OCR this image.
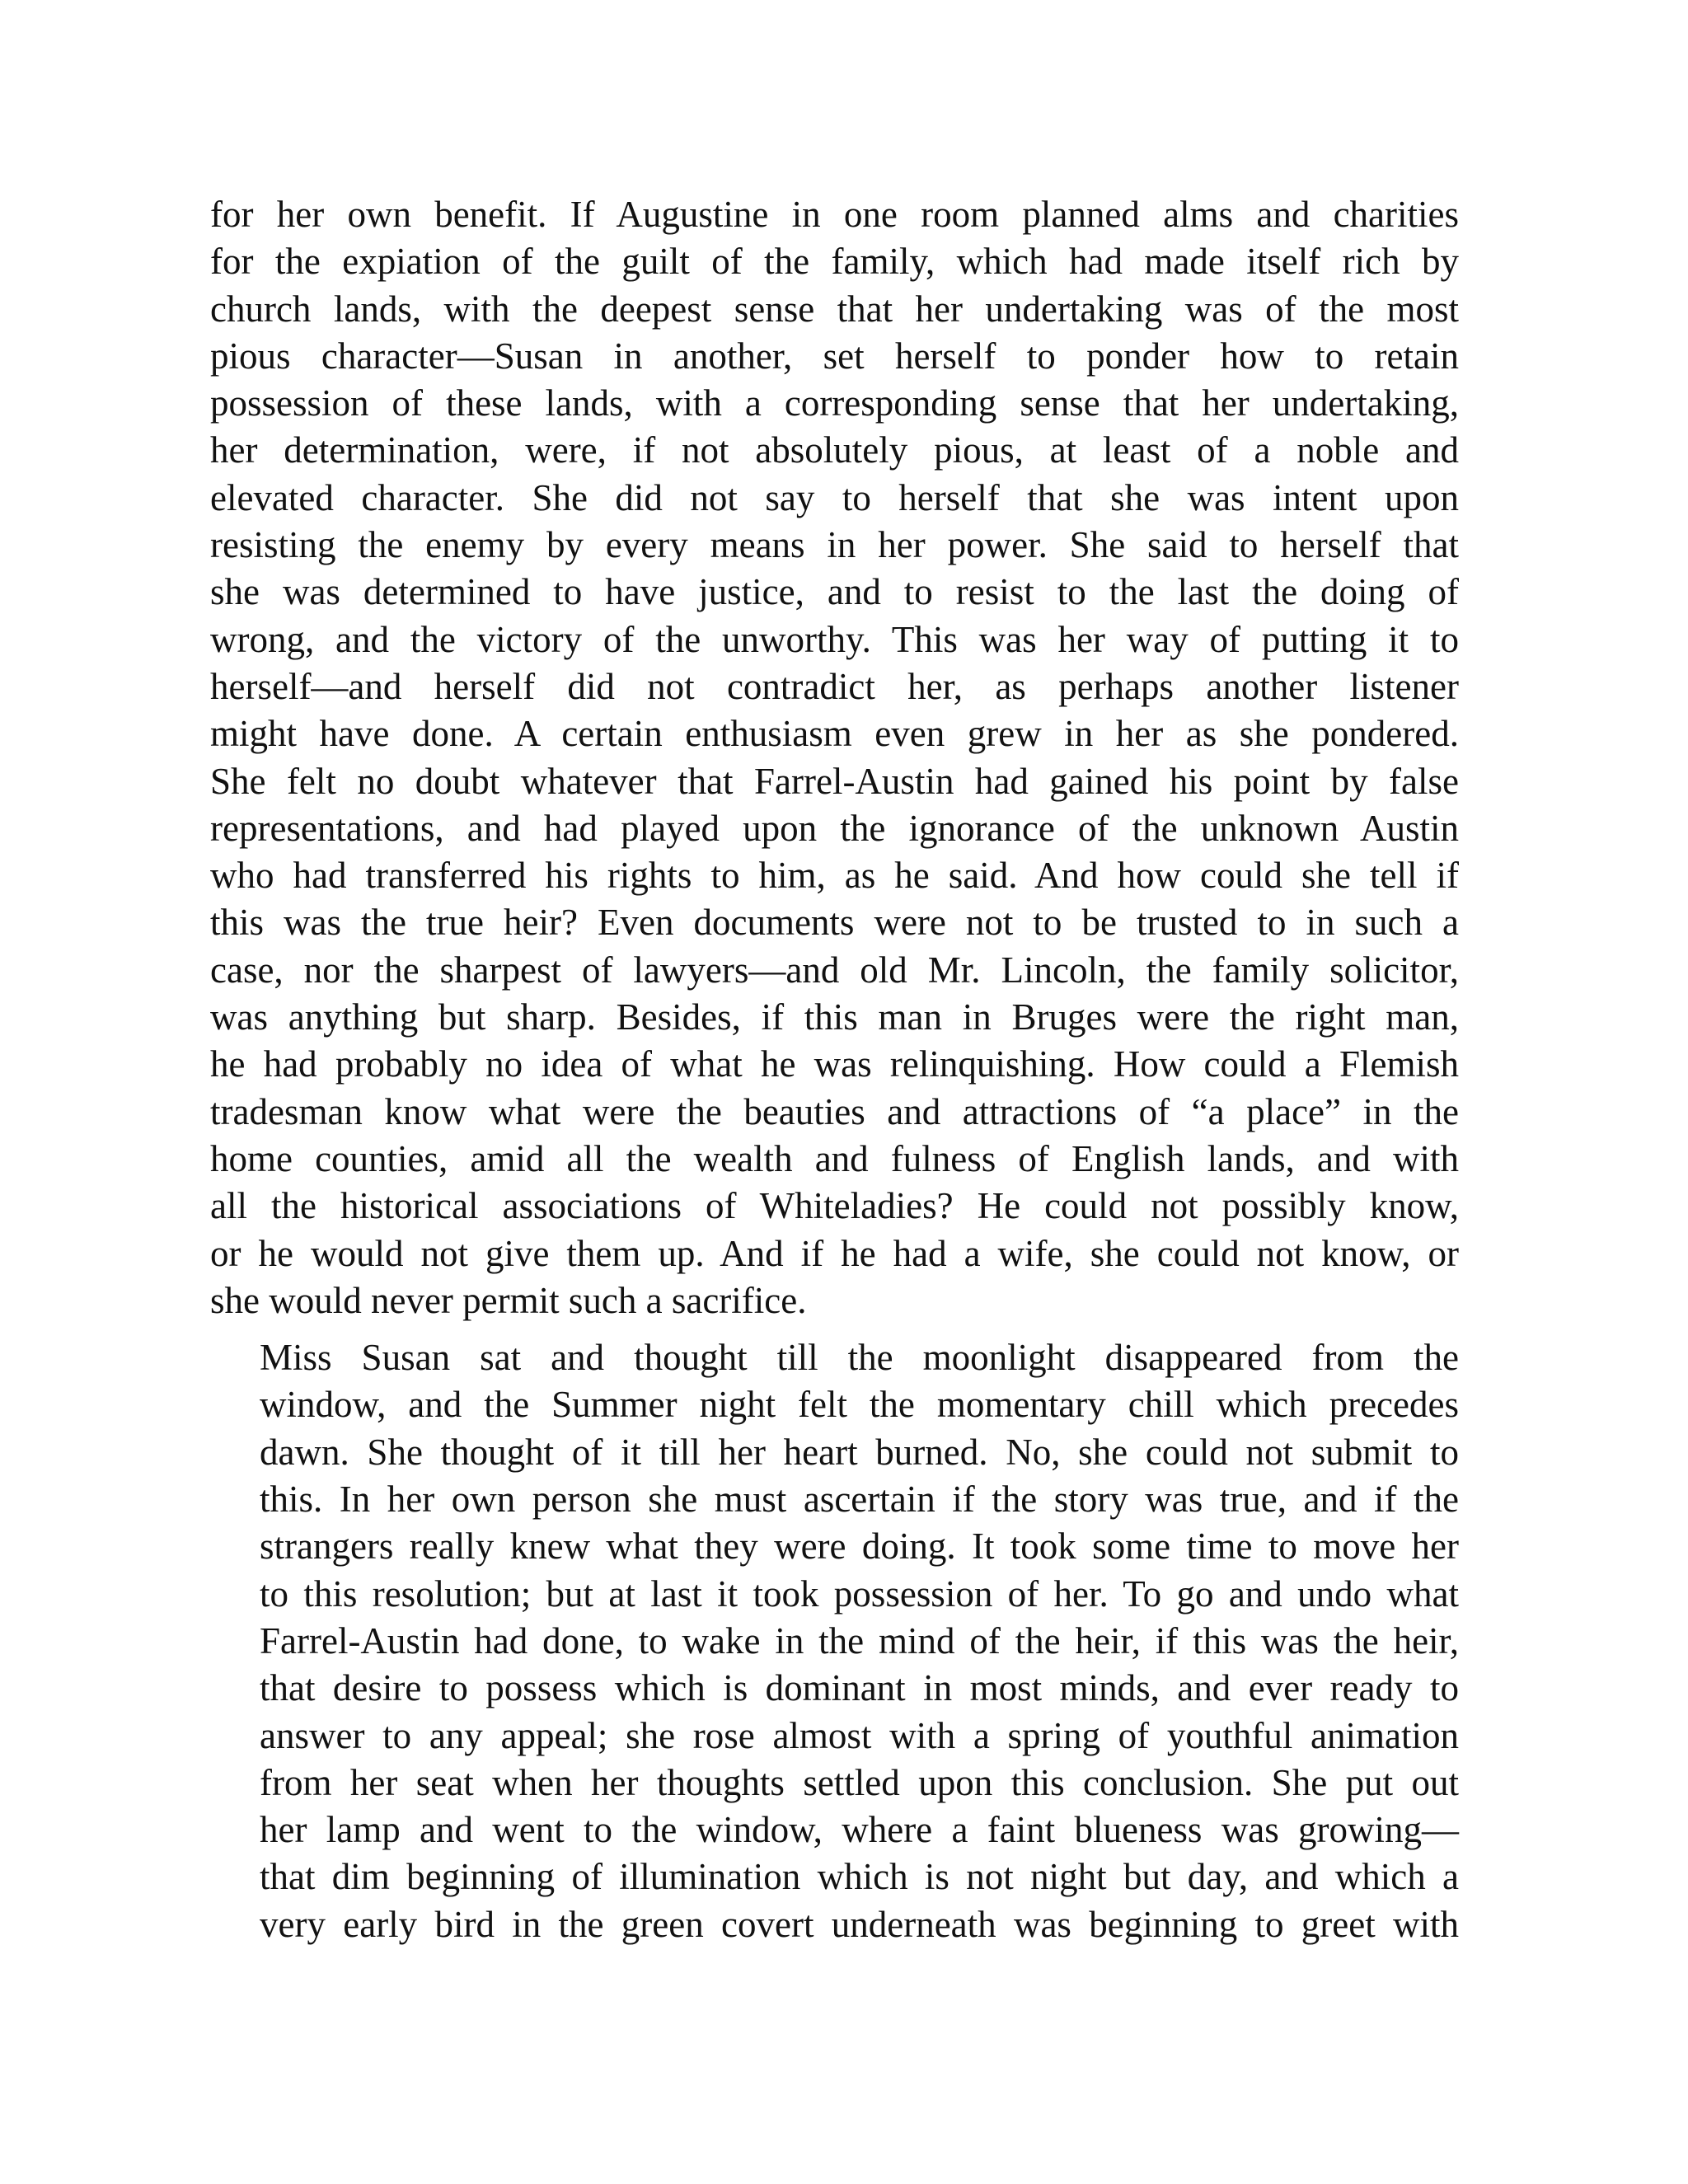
for her own benefit. If Augustine in one room planned alms and charities
for the expiation of the guilt of the family, which had made itself rich by
church lands, with the deepest sense that her undertaking was of the most
pious character—Susan in another, set herself to ponder how to retain
possession of these lands, with a corresponding sense that her undertaking,
her determination, were, if not absolutely pious, at least of a noble and
elevated character. She did not say to herself that she was intent upon
resisting the enemy by every means in her power. She said to herself that
she was determined to have justice, and to resist to the last the doing of
wrong, and the victory of the unworthy. This was her way of putting it to
herself—and herself did not contradict her, as perhaps another listener
might have done. A certain enthusiasm even grew in her as she pondered.
She felt no doubt whatever that Farrel-Austin had gained his point by false
representations, and had played upon the ignorance of the unknown Austin
who had transferred his rights to him, as he said. And how could she tell if
this was the true heir? Even documents were not to be trusted to in such a
case, nor the sharpest of lawyers—and old Mr. Lincoln, the family solicitor,
was anything but sharp. Besides, if this man in Bruges were the right man,
he had probably no idea of what he was relinquishing. How could a Flemish
tradesman know what were the beauties and attractions of “a place” in the
home counties, amid all the wealth and fulness of English lands, and with
all the historical associations of Whiteladies? He could not possibly know,
or he would not give them up. And if he had a wife, she could not know, or
she would never permit such a sacrifice.

Miss Susan sat and thought till the moonlight disappeared from the
window, and the Summer night felt the momentary chill which precedes
dawn. She thought of it till her heart burned. No, she could not submit to
this. In her own person she must ascertain if the story was true, and if the
strangers really knew what they were doing. It took some time to move her
to this resolution; but at last it took possession of her. To go and undo what
Farrel-Austin had done, to wake in the mind of the heir, if this was the heir,
that desire to possess which is dominant in most minds, and ever ready to
answer to any appeal; she rose almost with a spring of youthful animation
from her seat when her thoughts settled upon this conclusion. She put out
her lamp and went to the window, where a faint blueness was growing—
that dim beginning of illumination which is not night but day, and which a
very early bird in the green covert underneath was beginning to greet with
